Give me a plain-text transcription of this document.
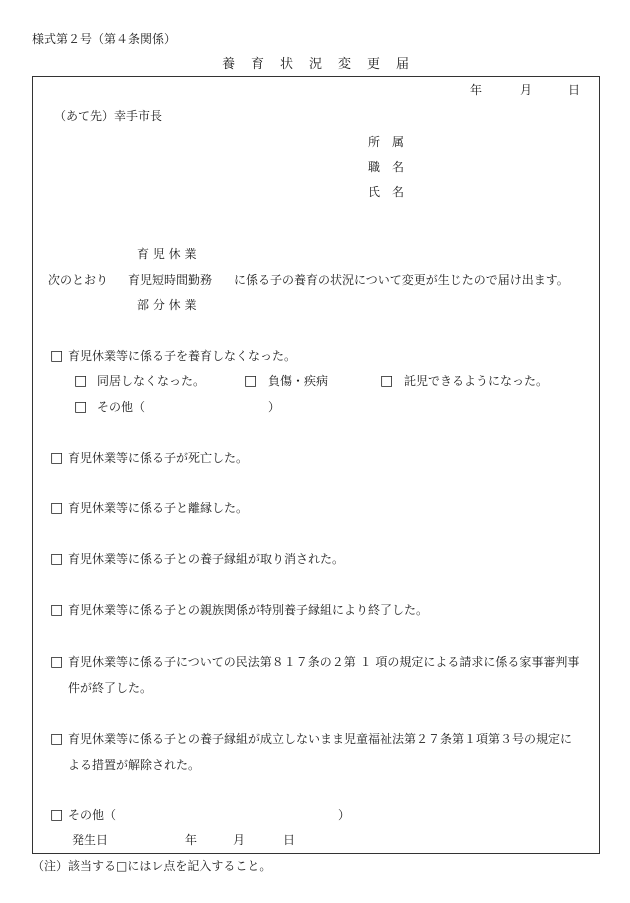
様式第２号（第４条関係）
養育状況変更届
年	月	日
（あて先）幸手市長
所　属
職　名
氏　名
育 児 休 業
次のとおり 育児短時間勤務 に係る子の養育の状況について変更が生じたので届け出ます。
部 分 休 業
□ 育児休業等に係る子を養育しなくなった。
□ 同居しなくなった。	□ 負傷・疾病	□ 託児できるようになった。
□ その他（	）
□ 育児休業等に係る子が死亡した。
□ 育児休業等に係る子と離縁した。
□ 育児休業等に係る子との養子縁組が取り消された。
□ 育児休業等に係る子との親族関係が特別養子縁組により終了した。
□ 育児休業等に係る子についての民法第８１７条の２第 １ 項の規定による請求に係る家事審判事
件が終了した。
□ 育児休業等に係る子との養子縁組が成立しないまま児童福祉法第２７条第１項第３号の規定に
よる措置が解除された。
□ その他（	）
発生日	年	月	日
（注）該当する□にはレ点を記入すること。
